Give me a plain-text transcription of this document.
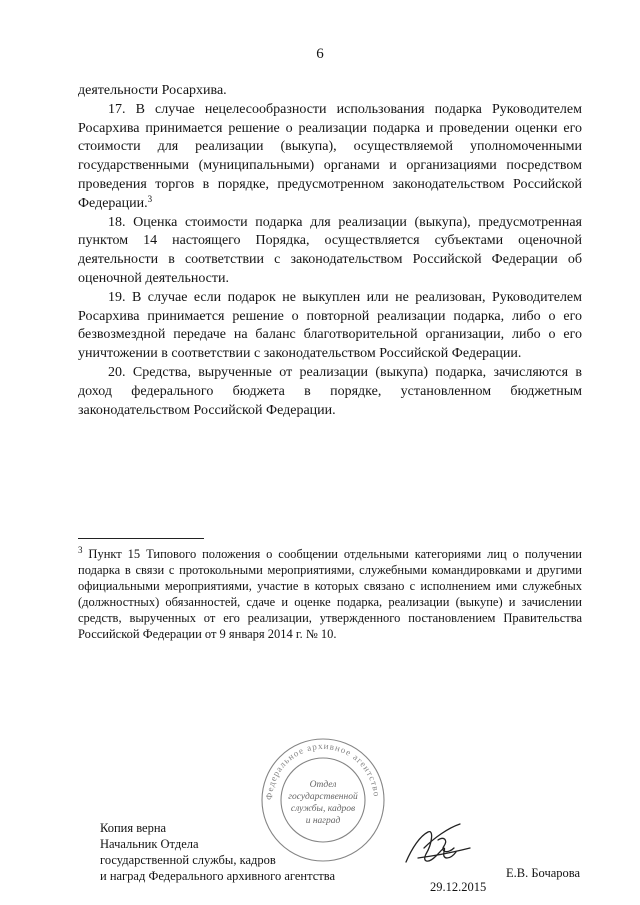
6

деятельности Росархива.

17. В случае нецелесообразности использования подарка Руководителем Росархива принимается решение о реализации подарка и проведении оценки его стоимости для реализации (выкупа), осуществляемой уполномоченными государственными (муниципальными) органами и организациями посредством проведения торгов в порядке, предусмотренном законодательством Российской Федерации.$^3$

18. Оценка стоимости подарка для реализации (выкупа), предусмотренная пунктом 14 настоящего Порядка, осуществляется субъектами оценочной деятельности в соответствии с законодательством Российской Федерации об оценочной деятельности.

19. В случае если подарок не выкуплен или не реализован, Руководителем Росархива принимается решение о повторной реализации подарка, либо о его безвозмездной передаче на баланс благотворительной организации, либо о его уничтожении в соответствии с законодательством Российской Федерации.

20. Средства, вырученные от реализации (выкупа) подарка, зачисляются в доход федерального бюджета в порядке, установленном бюджетным законодательством Российской Федерации.

$^3$ Пункт 15 Типового положения о сообщении отдельными категориями лиц о получении подарка в связи с протокольными мероприятиями, служебными командировками и другими официальными мероприятиями, участие в которых связано с исполнением ими служебных (должностных) обязанностей, сдаче и оценке подарка, реализации (выкупе) и зачислении средств, вырученных от его реализации, утвержденного постановлением Правительства Российской Федерации от 9 января 2014 г. № 10.

Федеральное архивное агентство
Отдел
государственной
службы, кадров
и наград
Копия верна
Начальник Отдела
государственной службы, кадров
и наград Федерального архивного агентства	Е.В. Бочарова
29.12.2015
